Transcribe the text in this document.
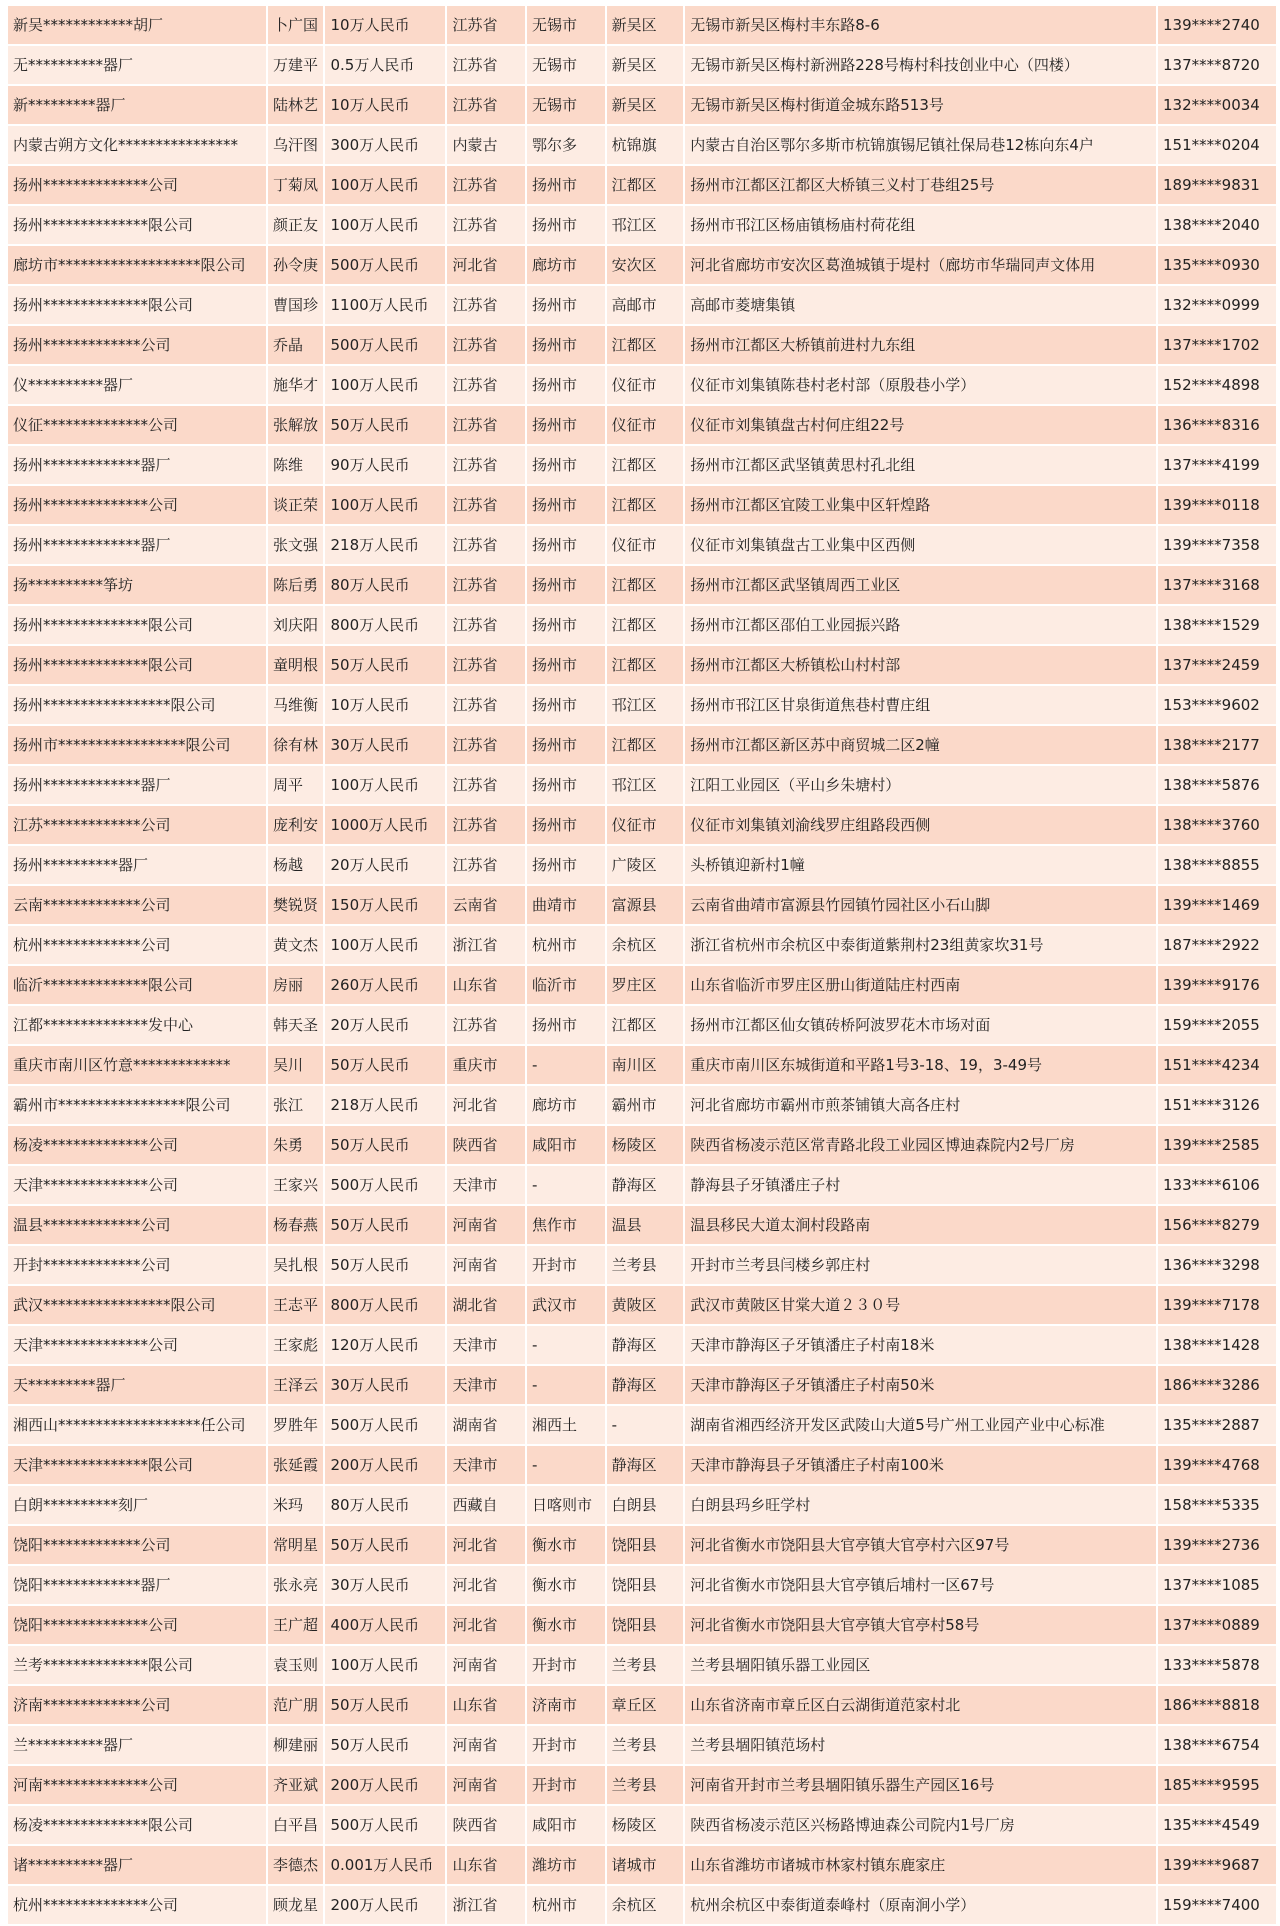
新吴************胡厂	卜广国	10万人民币	江苏省	无锡市	新吴区	无锡市新吴区梅村丰东路8-6	139****2740
无**********器厂	万建平	0.5万人民币	江苏省	无锡市	新吴区	无锡市新吴区梅村新洲路228号梅村科技创业中心（四楼）	137****8720
新*********器厂	陆林艺	10万人民币	江苏省	无锡市	新吴区	无锡市新吴区梅村街道金城东路513号	132****0034
内蒙古朔方文化****************	乌汗图	300万人民币	内蒙古	鄂尔多	杭锦旗	内蒙古自治区鄂尔多斯市杭锦旗锡尼镇社保局巷12栋向东4户	151****0204
扬州**************公司	丁菊凤	100万人民币	江苏省	扬州市	江都区	扬州市江都区江都区大桥镇三义村丁巷组25号	189****9831
扬州**************限公司	颜正友	100万人民币	江苏省	扬州市	邗江区	扬州市邗江区杨庙镇杨庙村荷花组	138****2040
廊坊市*******************限公司	孙令庚	500万人民币	河北省	廊坊市	安次区	河北省廊坊市安次区葛渔城镇于堤村（廊坊市华瑞同声文体用	135****0930
扬州**************限公司	曹国珍	1100万人民币	江苏省	扬州市	高邮市	高邮市菱塘集镇	132****0999
扬州*************公司	乔晶	500万人民币	江苏省	扬州市	江都区	扬州市江都区大桥镇前进村九东组	137****1702
仪**********器厂	施华才	100万人民币	江苏省	扬州市	仪征市	仪征市刘集镇陈巷村老村部（原殷巷小学）	152****4898
仪征**************公司	张解放	50万人民币	江苏省	扬州市	仪征市	仪征市刘集镇盘古村何庄组22号	136****8316
扬州*************器厂	陈维	90万人民币	江苏省	扬州市	江都区	扬州市江都区武坚镇黄思村孔北组	137****4199
扬州**************公司	谈正荣	100万人民币	江苏省	扬州市	江都区	扬州市江都区宜陵工业集中区轩煌路	139****0118
扬州*************器厂	张文强	218万人民币	江苏省	扬州市	仪征市	仪征市刘集镇盘古工业集中区西侧	139****7358
扬**********筝坊	陈后勇	80万人民币	江苏省	扬州市	江都区	扬州市江都区武坚镇周西工业区	137****3168
扬州**************限公司	刘庆阳	800万人民币	江苏省	扬州市	江都区	扬州市江都区邵伯工业园振兴路	138****1529
扬州**************限公司	童明根	50万人民币	江苏省	扬州市	江都区	扬州市江都区大桥镇松山村村部	137****2459
扬州*****************限公司	马维衡	10万人民币	江苏省	扬州市	邗江区	扬州市邗江区甘泉街道焦巷村曹庄组	153****9602
扬州市*****************限公司	徐有林	30万人民币	江苏省	扬州市	江都区	扬州市江都区新区苏中商贸城二区2幢	138****2177
扬州*************器厂	周平	100万人民币	江苏省	扬州市	邗江区	江阳工业园区（平山乡朱塘村）	138****5876
江苏*************公司	庞利安	1000万人民币	江苏省	扬州市	仪征市	仪征市刘集镇刘渝线罗庄组路段西侧	138****3760
扬州**********器厂	杨越	20万人民币	江苏省	扬州市	广陵区	头桥镇迎新村1幢	138****8855
云南*************公司	樊锐贤	150万人民币	云南省	曲靖市	富源县	云南省曲靖市富源县竹园镇竹园社区小石山脚	139****1469
杭州*************公司	黄文杰	100万人民币	浙江省	杭州市	余杭区	浙江省杭州市余杭区中泰街道紫荆村23组黄家坎31号	187****2922
临沂**************限公司	房丽	260万人民币	山东省	临沂市	罗庄区	山东省临沂市罗庄区册山街道陆庄村西南	139****9176
江都**************发中心	韩天圣	20万人民币	江苏省	扬州市	江都区	扬州市江都区仙女镇砖桥阿波罗花木市场对面	159****2055
重庆市南川区竹意*************	吴川	50万人民币	重庆市	-	南川区	重庆市南川区东城街道和平路1号3-18、19，3-49号	151****4234
霸州市*****************限公司	张江	218万人民币	河北省	廊坊市	霸州市	河北省廊坊市霸州市煎茶铺镇大高各庄村	151****3126
杨凌**************公司	朱勇	50万人民币	陕西省	咸阳市	杨陵区	陕西省杨凌示范区常青路北段工业园区博迪森院内2号厂房	139****2585
天津**************公司	王家兴	500万人民币	天津市	-	静海区	静海县子牙镇潘庄子村	133****6106
温县*************公司	杨春燕	50万人民币	河南省	焦作市	温县	温县移民大道太涧村段路南	156****8279
开封*************公司	吴扎根	50万人民币	河南省	开封市	兰考县	开封市兰考县闫楼乡郭庄村	136****3298
武汉*****************限公司	王志平	800万人民币	湖北省	武汉市	黄陂区	武汉市黄陂区甘棠大道２３０号	139****7178
天津**************公司	王家彪	120万人民币	天津市	-	静海区	天津市静海区子牙镇潘庄子村南18米	138****1428
天*********器厂	王泽云	30万人民币	天津市	-	静海区	天津市静海区子牙镇潘庄子村南50米	186****3286
湘西山*******************任公司	罗胜年	500万人民币	湖南省	湘西土	-	湖南省湘西经济开发区武陵山大道5号广州工业园产业中心标准	135****2887
天津**************限公司	张延霞	200万人民币	天津市	-	静海区	天津市静海县子牙镇潘庄子村南100米	139****4768
白朗**********刻厂	米玛	80万人民币	西藏自	日喀则市	白朗县	白朗县玛乡旺学村	158****5335
饶阳*************公司	常明星	50万人民币	河北省	衡水市	饶阳县	河北省衡水市饶阳县大官亭镇大官亭村六区97号	139****2736
饶阳*************器厂	张永亮	30万人民币	河北省	衡水市	饶阳县	河北省衡水市饶阳县大官亭镇后埔村一区67号	137****1085
饶阳**************公司	王广超	400万人民币	河北省	衡水市	饶阳县	河北省衡水市饶阳县大官亭镇大官亭村58号	137****0889
兰考**************限公司	袁玉则	100万人民币	河南省	开封市	兰考县	兰考县堌阳镇乐器工业园区	133****5878
济南*************公司	范广朋	50万人民币	山东省	济南市	章丘区	山东省济南市章丘区白云湖街道范家村北	186****8818
兰**********器厂	柳建丽	50万人民币	河南省	开封市	兰考县	兰考县堌阳镇范场村	138****6754
河南**************公司	齐亚斌	200万人民币	河南省	开封市	兰考县	河南省开封市兰考县堌阳镇乐器生产园区16号	185****9595
杨凌**************限公司	白平昌	500万人民币	陕西省	咸阳市	杨陵区	陕西省杨凌示范区兴杨路博迪森公司院内1号厂房	135****4549
诸**********器厂	李德杰	0.001万人民币	山东省	潍坊市	诸城市	山东省潍坊市诸城市林家村镇东鹿家庄	139****9687
杭州**************公司	顾龙星	200万人民币	浙江省	杭州市	余杭区	杭州余杭区中泰街道泰峰村（原南涧小学）	159****7400
